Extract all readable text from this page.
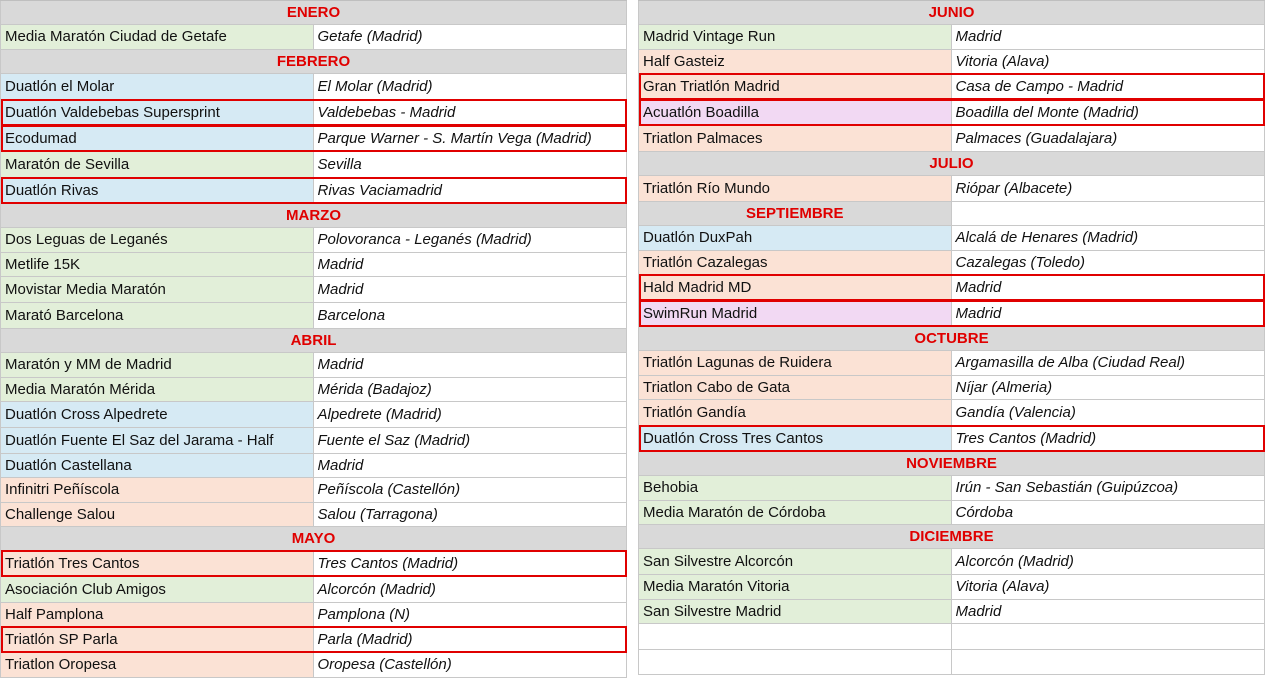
ENERO
Media Maratón Ciudad de Getafe	Getafe (Madrid)
FEBRERO
Duatlón el Molar	El Molar (Madrid)
Duatlón Valdebebas Supersprint	Valdebebas - Madrid
Ecodumad	Parque Warner - S. Martín Vega (Madrid)
Maratón de Sevilla	Sevilla
Duatlón Rivas	Rivas Vaciamadrid
MARZO
Dos Leguas de Leganés	Polovoranca - Leganés (Madrid)
Metlife 15K	Madrid
Movistar Media Maratón	Madrid
Marató Barcelona	Barcelona
ABRIL
Maratón y MM de Madrid	Madrid
Media Maratón Mérida	Mérida (Badajoz)
Duatlón Cross Alpedrete	Alpedrete (Madrid)
Duatlón Fuente El Saz del Jarama - Half	Fuente el Saz (Madrid)
Duatlón Castellana	Madrid
Infinitri Peñíscola	Peñíscola (Castellón)
Challenge Salou	Salou (Tarragona)
MAYO
Triatlón Tres Cantos	Tres Cantos (Madrid)
Asociación Club Amigos	Alcorcón (Madrid)
Half Pamplona	Pamplona (N)
Triatlón SP Parla	Parla (Madrid)
Triatlon Oropesa	Oropesa (Castellón)
JUNIO
Madrid Vintage Run	Madrid
Half Gasteiz	Vitoria (Alava)
Gran Triatlón Madrid	Casa de Campo - Madrid
Acuatlón Boadilla	Boadilla del Monte (Madrid)
Triatlon Palmaces	Palmaces (Guadalajara)
JULIO
Triatlón Río Mundo	Riópar (Albacete)
SEPTIEMBRE
Duatlón DuxPah	Alcalá de Henares (Madrid)
Triatlón Cazalegas	Cazalegas (Toledo)
Hald Madrid MD	Madrid
SwimRun Madrid	Madrid
OCTUBRE
Triatlón Lagunas de Ruidera	Argamasilla de Alba (Ciudad Real)
Triatlon Cabo de Gata	Níjar (Almeria)
Triatlón Gandía	Gandía (Valencia)
Duatlón Cross Tres Cantos	Tres Cantos (Madrid)
NOVIEMBRE
Behobia	Irún - San Sebastián (Guipúzcoa)
Media Maratón de Córdoba	Córdoba
DICIEMBRE
San Silvestre Alcorcón	Alcorcón (Madrid)
Media Maratón Vitoria	Vitoria (Alava)
San Silvestre Madrid	Madrid
